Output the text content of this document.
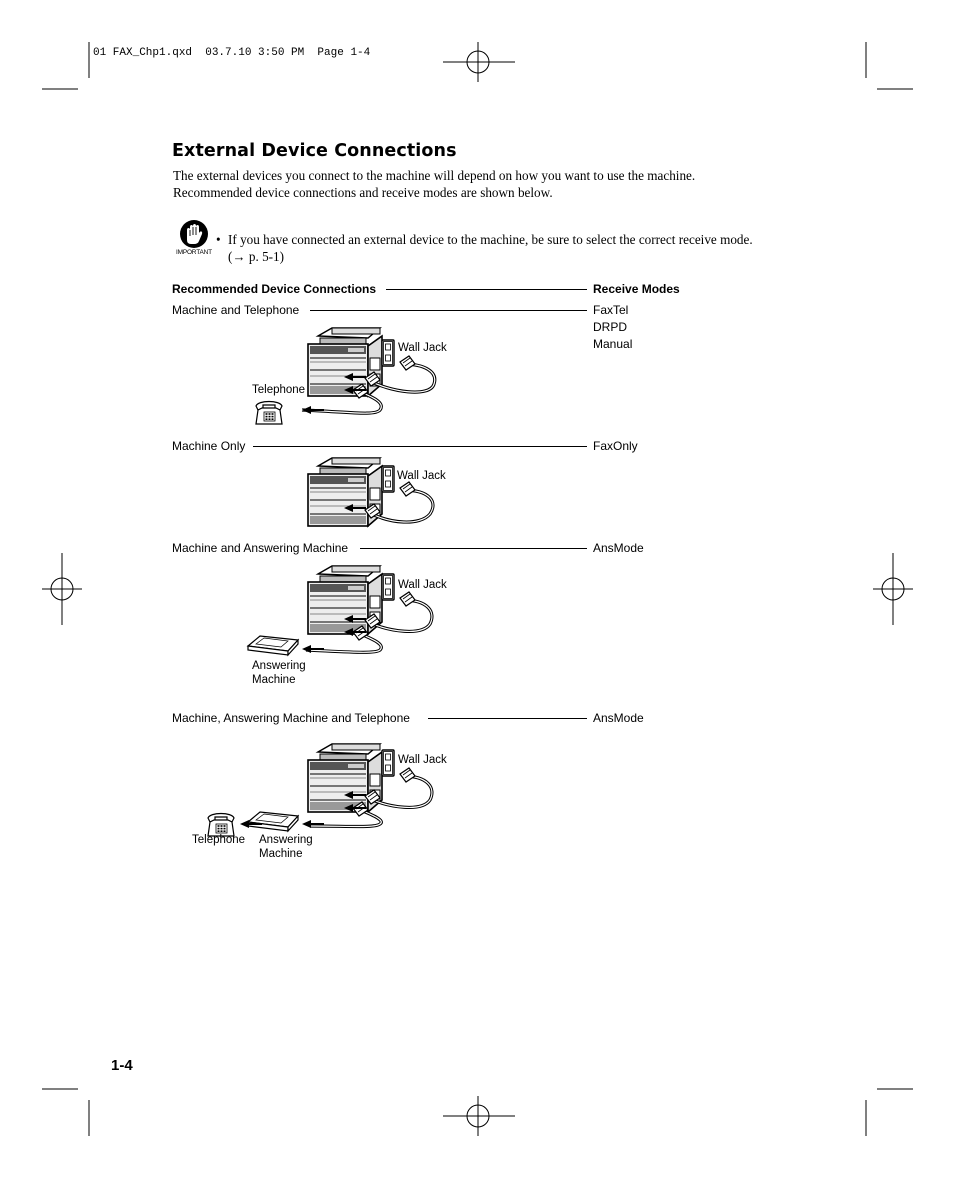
01 FAX_Chp1.qxd  03.7.10 3:50 PM  Page 1-4
External Device Connections
The external devices you connect to the machine will depend on how you want to use the machine.
Recommended device connections and receive modes are shown below.
IMPORTANT
• If you have connected an external device to the machine, be sure to select the correct receive mode.
(→ p. 5-1)
Recommended Device Connections	Receive Modes
Machine and Telephone	FaxTel
DRPD
Manual
Wall Jack
Telephone
Machine Only	FaxOnly
Wall Jack
Machine and Answering Machine	AnsMode
Wall Jack
Answering
Machine
Machine, Answering Machine and Telephone	AnsMode
Wall Jack
Telephone Answering
Machine
1-4
